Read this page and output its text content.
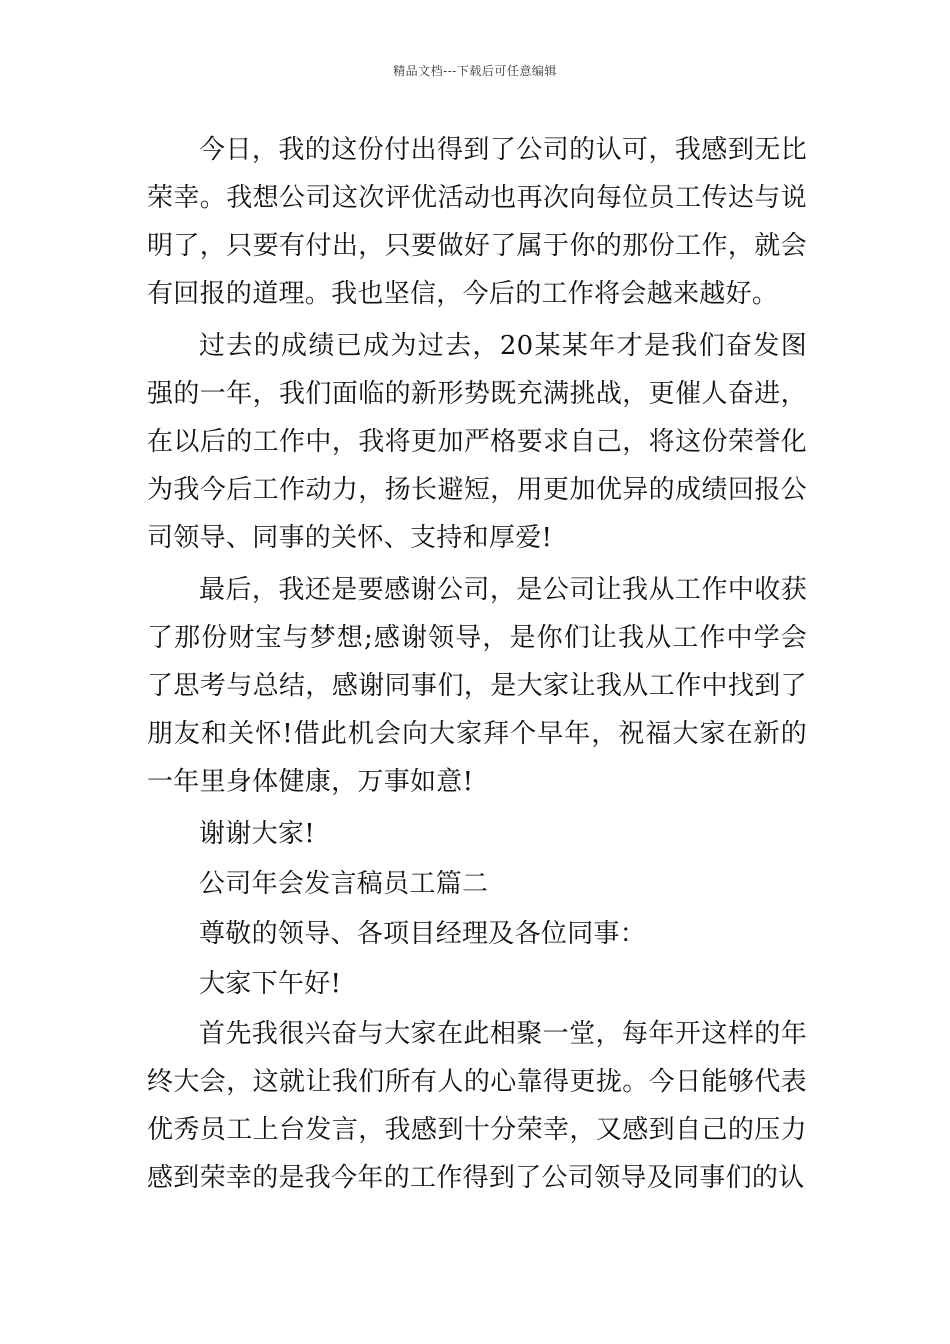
精品文档---下载后可任意编辑

今日，我的这份付出得到了公司的认可，我感到无比荣幸。我想公司这次评优活动也再次向每位员工传达与说明了，只要有付出，只要做好了属于你的那份工作，就会有回报的道理。我也坚信，今后的工作将会越来越好。

过去的成绩已成为过去，20某某年才是我们奋发图强的一年，我们面临的新形势既充满挑战，更催人奋进，在以后的工作中，我将更加严格要求自己，将这份荣誉化为我今后工作动力，扬长避短，用更加优异的成绩回报公司领导、同事的关怀、支持和厚爱!

最后，我还是要感谢公司，是公司让我从工作中收获了那份财宝与梦想;感谢领导，是你们让我从工作中学会了思考与总结，感谢同事们，是大家让我从工作中找到了朋友和关怀!借此机会向大家拜个早年，祝福大家在新的一年里身体健康，万事如意!

谢谢大家!

公司年会发言稿员工篇二

尊敬的领导、各项目经理及各位同事：

大家下午好!

首先我很兴奋与大家在此相聚一堂，每年开这样的年终大会，这就让我们所有人的心靠得更拢。今日能够代表优秀员工上台发言，我感到十分荣幸，又感到自己的压力感到荣幸的是我今年的工作得到了公司领导及同事们的认
